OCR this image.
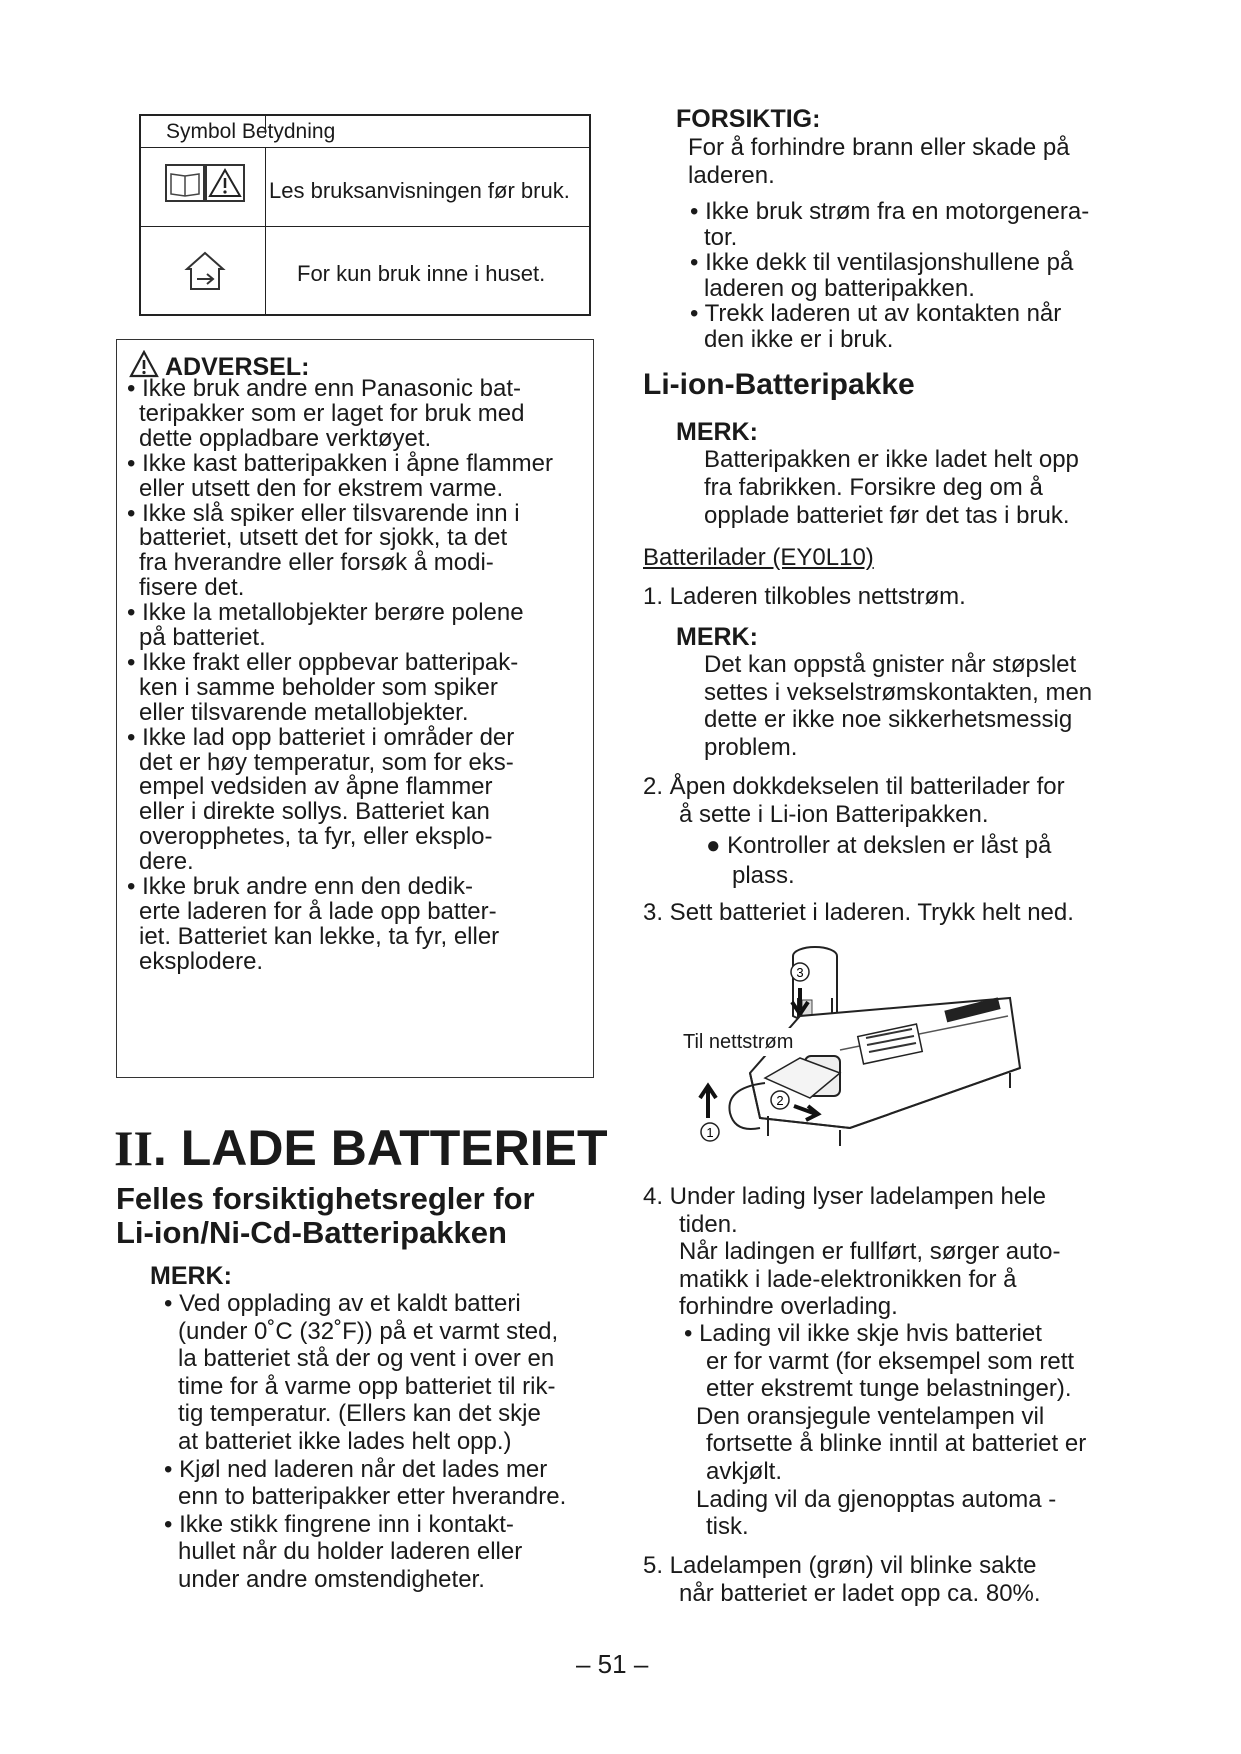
Symbol Betydning
Les bruksanvisningen før bruk.
For kun bruk inne i huset.
ADVERSEL:
• Ikke bruk andre enn Panasonic bat-
teripakker som er laget for bruk med
dette oppladbare verktøyet.
• Ikke kast batteripakken i åpne flammer
eller utsett den for ekstrem varme.
• Ikke slå spiker eller tilsvarende inn i
batteriet, utsett det for sjokk, ta det
fra hverandre eller forsøk å modi-
fisere det.
• Ikke la metallobjekter berøre polene
på batteriet.
• Ikke frakt eller oppbevar batteripak-
ken i samme beholder som spiker
eller tilsvarende metallobjekter.
• Ikke lad opp batteriet i områder der
det er høy temperatur, som for eks-
empel vedsiden av åpne flammer
eller i direkte sollys. Batteriet kan
overopphetes, ta fyr, eller eksplo-
dere.
• Ikke bruk andre enn den dedik-
erte laderen for å lade opp batter-
iet. Batteriet kan lekke, ta fyr, eller
eksplodere.
II. LADE BATTERIET
Felles forsiktighetsregler for
Li-ion/Ni-Cd-Batteripakken
MERK:
• Ved opplading av et kaldt batteri
(under 0˚C (32˚F)) på et varmt sted,
la batteriet stå der og vent i over en
time for å varme opp batteriet til rik-
tig temperatur. (Ellers kan det skje
at batteriet ikke lades helt opp.)
• Kjøl ned laderen når det lades mer
enn to batteripakker etter hverandre.
• Ikke stikk fingrene inn i kontakt-
hullet når du holder laderen eller
under andre omstendigheter.
FORSIKTIG:
For å forhindre brann eller skade på
laderen.
• Ikke bruk strøm fra en motorgenera-
tor.
• Ikke dekk til ventilasjonshullene på
laderen og batteripakken.
• Trekk laderen ut av kontakten når
den ikke er i bruk.
Li-ion-Batteripakke
MERK:
Batteripakken er ikke ladet helt opp
fra fabrikken. Forsikre deg om å
opplade batteriet før det tas i bruk.
Batterilader (EY0L10)
1. Laderen tilkobles nettstrøm.
MERK:
Det kan oppstå gnister når støpslet
settes i vekselstrømskontakten, men
dette er ikke noe sikkerhetsmessig
problem.
2. Åpen dokkdekselen til batterilader for
å sette i Li-ion Batteripakken.
● Kontroller at dekslen er låst på
plass.
3. Sett batteriet i laderen. Trykk helt ned.
3
2
1
Til nettstrøm
4. Under lading lyser ladelampen hele
tiden.
Når ladingen er fullført, sørger auto-
matikk i lade-elektronikken for å
forhindre overlading.
• Lading vil ikke skje hvis batteriet
er for varmt (for eksempel som rett
etter ekstremt tunge belastninger).
Den oransjegule ventelampen vil
fortsette å blinke inntil at batteriet er
avkjølt.
Lading vil da gjenopptas automa -
tisk.
5. Ladelampen (grøn) vil blinke sakte
når batteriet er ladet opp ca. 80%.
– 51 –
